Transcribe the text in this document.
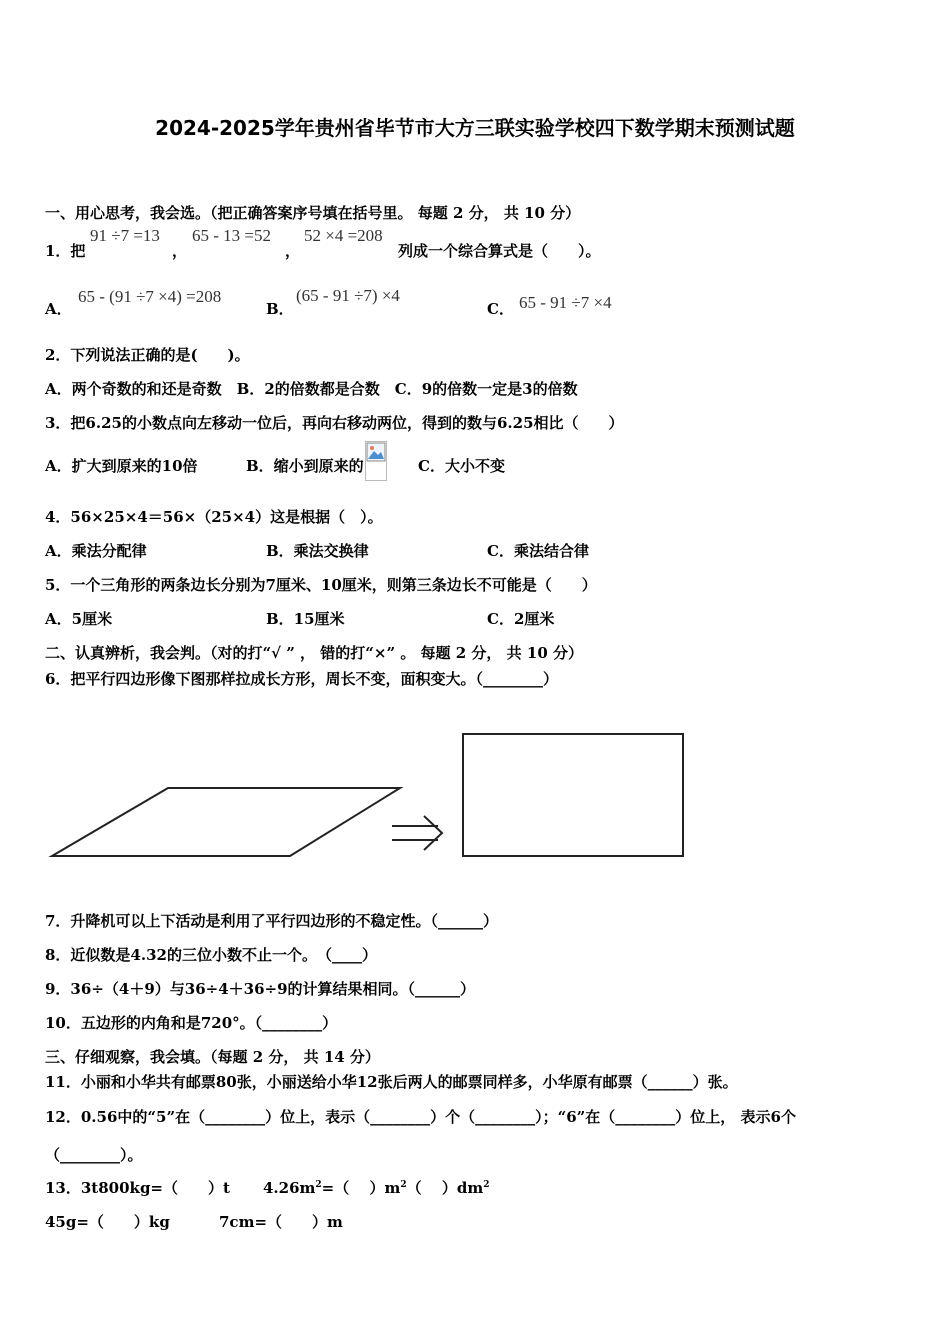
2024-2025学年贵州省毕节市大方三联实验学校四下数学期末预测试题
一、用心思考，我会选。（把正确答案序号填在括号里。 每题 2 分， 共 10 分）
1．把
91 ÷7 =13
，
65 - 13 =52
，
52 ×4 =208
列成一个综合算式是（　　）。
A．
65 - (91 ÷7 ×4) =208
B．
(65 - 91 ÷7) ×4
C． 65 - 91 ÷7 ×4
2．下列说法正确的是(　　)。
A．两个奇数的和还是奇数　B．2的倍数都是合数　C．9的倍数一定是3的倍数
3．把6.25的小数点向左移动一位后，再向右移动两位，得到的数与6.25相比（　　）
A．扩大到原来的10倍	B．缩小到原来的	C．大小不变
4．56×25×4＝56×（25×4）这是根据（　）。
A．乘法分配律	B．乘法交换律	C．乘法结合律
5．一个三角形的两条边长分别为7厘米、10厘米，则第三条边长不可能是（　　）
A．5厘米	B．15厘米	C．2厘米
二、认真辨析，我会判。（对的打“√ ” ， 错的打“×” 。 每题 2 分， 共 10 分）
6．把平行四边形像下图那样拉成长方形，周长不变，面积变大。（________）
7．升降机可以上下活动是利用了平行四边形的不稳定性。（______）
8．近似数是4.32的三位小数不止一个。　（____）
9．36÷（4＋9）与36÷4＋36÷9的计算结果相同。（______）
10．五边形的内角和是720°。（________）
三、仔细观察，我会填。（每题 2 分， 共 14 分）
11．小丽和小华共有邮票80张，小丽送给小华12张后两人的邮票同样多，小华原有邮票（______）张。
12．0.56中的“5”在（________）位上，表示（________）个（________）；“6”在（________）位上， 表示6个
（________）。
13．3t800kg=（　　）t $4.26m^2=$（　 ）$m^2$（　 ）$dm^2$
45g=（　　）kg	7cm=（　　）m
